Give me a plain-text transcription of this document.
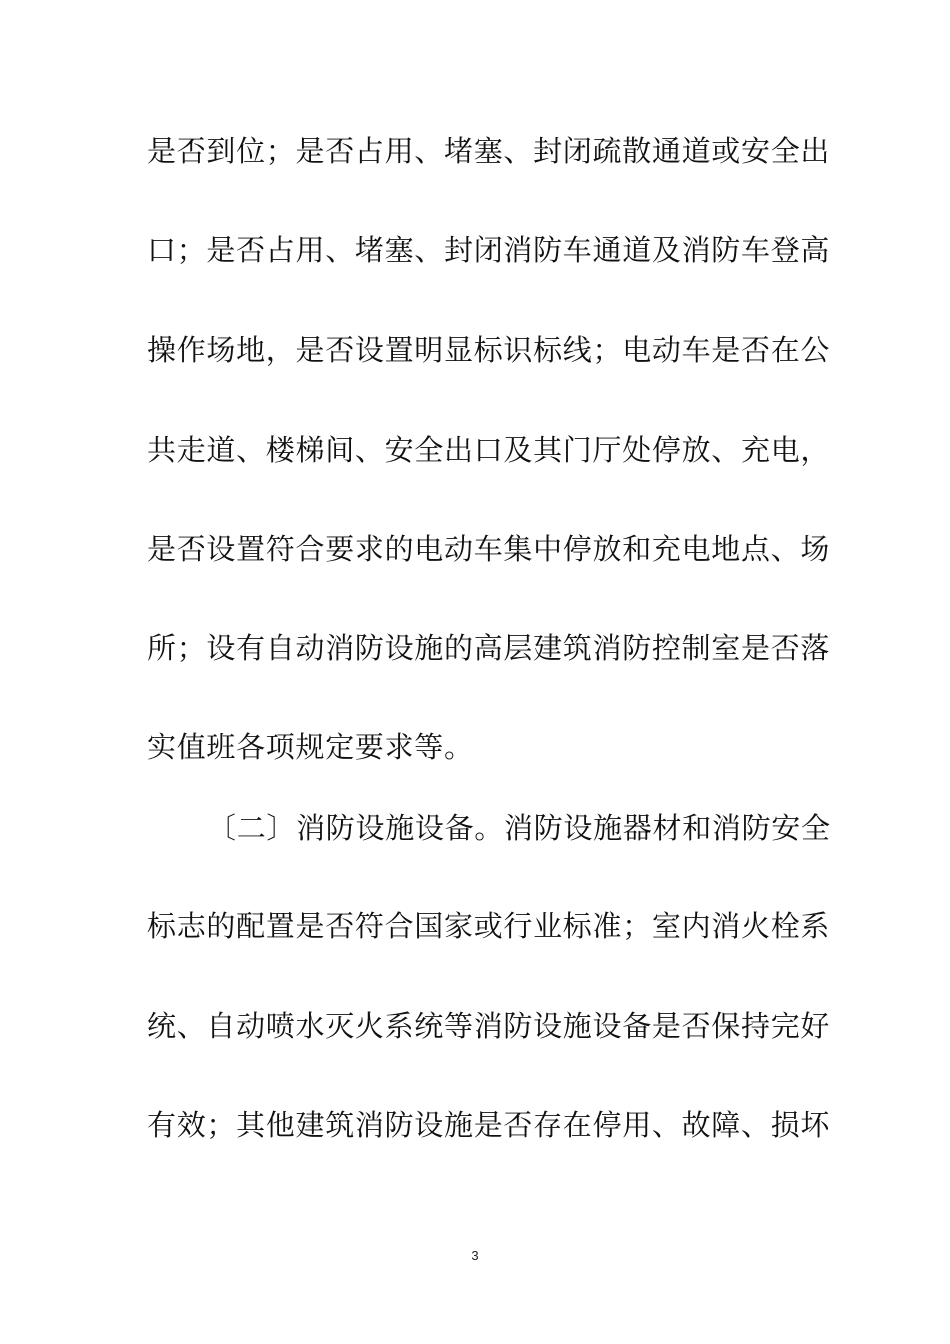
是否到位；是否占用、堵塞、封闭疏散通道或安全出
口；是否占用、堵塞、封闭消防车通道及消防车登高
操作场地，是否设置明显标识标线；电动车是否在公
共走道、楼梯间、安全出口及其门厅处停放、充电，
是否设置符合要求的电动车集中停放和充电地点、场
所；设有自动消防设施的高层建筑消防控制室是否落
实值班各项规定要求等。
〔二〕消防设施设备。消防设施器材和消防安全
标志的配置是否符合国家或行业标准；室内消火栓系
统、自动喷水灭火系统等消防设施设备是否保持完好
有效；其他建筑消防设施是否存在停用、故障、损坏
3
